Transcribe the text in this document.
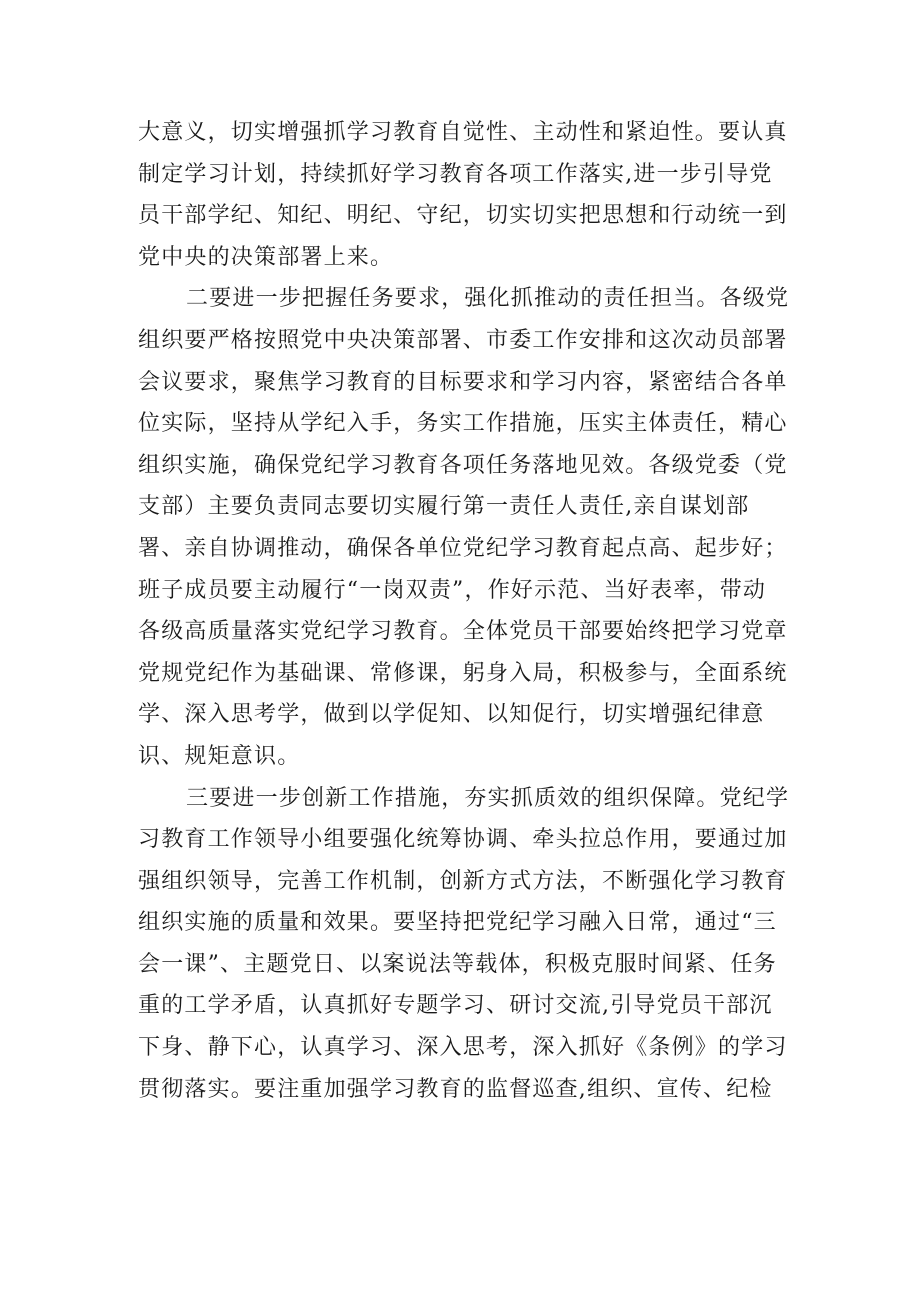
大意义，切实增强抓学习教育自觉性、主动性和紧迫性。要认真
制定学习计划，持续抓好学习教育各项工作落实,进一步引导党
员干部学纪、知纪、明纪、守纪，切实切实把思想和行动统一到
党中央的决策部署上来。
二要进一步把握任务要求，强化抓推动的责任担当。各级党
组织要严格按照党中央决策部署、市委工作安排和这次动员部署
会议要求，聚焦学习教育的目标要求和学习内容，紧密结合各单
位实际，坚持从学纪入手，务实工作措施，压实主体责任，精心
组织实施，确保党纪学习教育各项任务落地见效。各级党委（党
支部）主要负责同志要切实履行第一责任人责任,亲自谋划部
署、亲自协调推动，确保各单位党纪学习教育起点高、起步好；
班子成员要主动履行“一岗双责”，作好示范、当好表率，带动
各级高质量落实党纪学习教育。全体党员干部要始终把学习党章
党规党纪作为基础课、常修课，躬身入局，积极参与，全面系统
学、深入思考学，做到以学促知、以知促行，切实增强纪律意
识、规矩意识。
三要进一步创新工作措施，夯实抓质效的组织保障。党纪学
习教育工作领导小组要强化统筹协调、牵头拉总作用，要通过加
强组织领导，完善工作机制，创新方式方法，不断强化学习教育
组织实施的质量和效果。要坚持把党纪学习融入日常，通过“三
会一课”、主题党日、以案说法等载体，积极克服时间紧、任务
重的工学矛盾，认真抓好专题学习、研讨交流,引导党员干部沉
下身、静下心，认真学习、深入思考，深入抓好《条例》的学习
贯彻落实。要注重加强学习教育的监督巡查,组织、宣传、纪检
